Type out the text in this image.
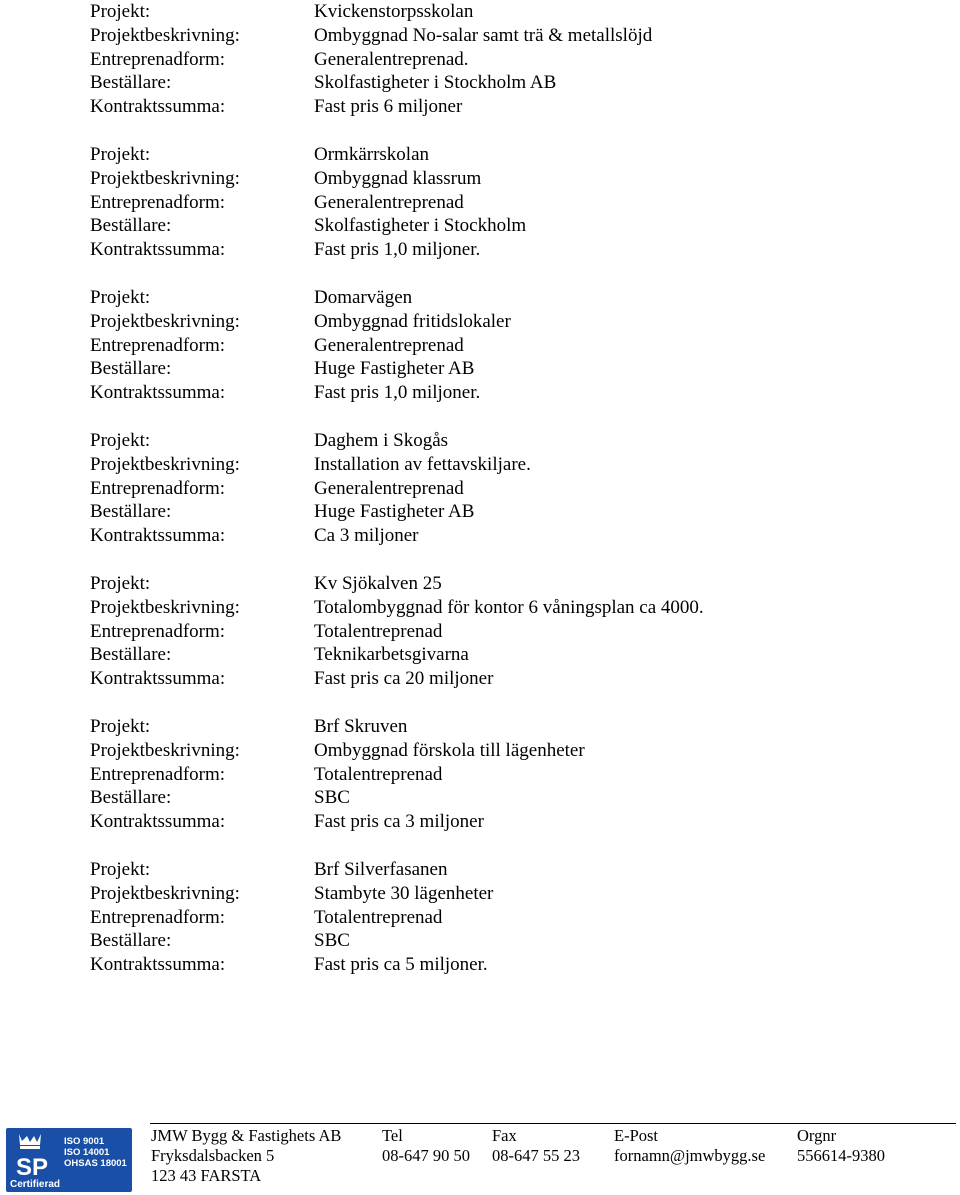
Projekt:	Kvickenstorpsskolan
Projektbeskrivning:	Ombyggnad No-salar samt trä & metallslöjd
Entreprenadform:	Generalentreprenad.
Beställare:	Skolfastigheter i Stockholm AB
Kontraktssumma:	Fast pris 6 miljoner
Projekt:	Ormkärrskolan
Projektbeskrivning:	Ombyggnad klassrum
Entreprenadform:	Generalentreprenad
Beställare:	Skolfastigheter i Stockholm
Kontraktssumma:	Fast pris 1,0 miljoner.
Projekt:	Domarvägen
Projektbeskrivning:	Ombyggnad fritidslokaler
Entreprenadform:	Generalentreprenad
Beställare:	Huge Fastigheter AB
Kontraktssumma:	Fast pris 1,0 miljoner.
Projekt:	Daghem i Skogås
Projektbeskrivning:	Installation av fettavskiljare.
Entreprenadform:	Generalentreprenad
Beställare:	Huge Fastigheter AB
Kontraktssumma:	Ca 3 miljoner
Projekt:	Kv Sjökalven 25
Projektbeskrivning:	Totalombyggnad för kontor 6 våningsplan ca 4000.
Entreprenadform:	Totalentreprenad
Beställare:	Teknikarbetsgivarna
Kontraktssumma:	Fast pris ca 20 miljoner
Projekt:	Brf Skruven
Projektbeskrivning:	Ombyggnad förskola till lägenheter
Entreprenadform:	Totalentreprenad
Beställare:	SBC
Kontraktssumma:	Fast pris ca 3 miljoner
Projekt:	Brf Silverfasanen
Projektbeskrivning:	Stambyte 30 lägenheter
Entreprenadform:	Totalentreprenad
Beställare:	SBC
Kontraktssumma:	Fast pris ca 5 miljoner.
SP
ISO 9001
ISO 14001
OHSAS 18001
Certifierad
JMW Bygg & Fastighets AB
Fryksdalsbacken 5
123 43 FARSTA
Tel
08-647 90 50
Fax
08-647 55 23
E-Post
fornamn@jmwbygg.se
Orgnr
556614-9380
